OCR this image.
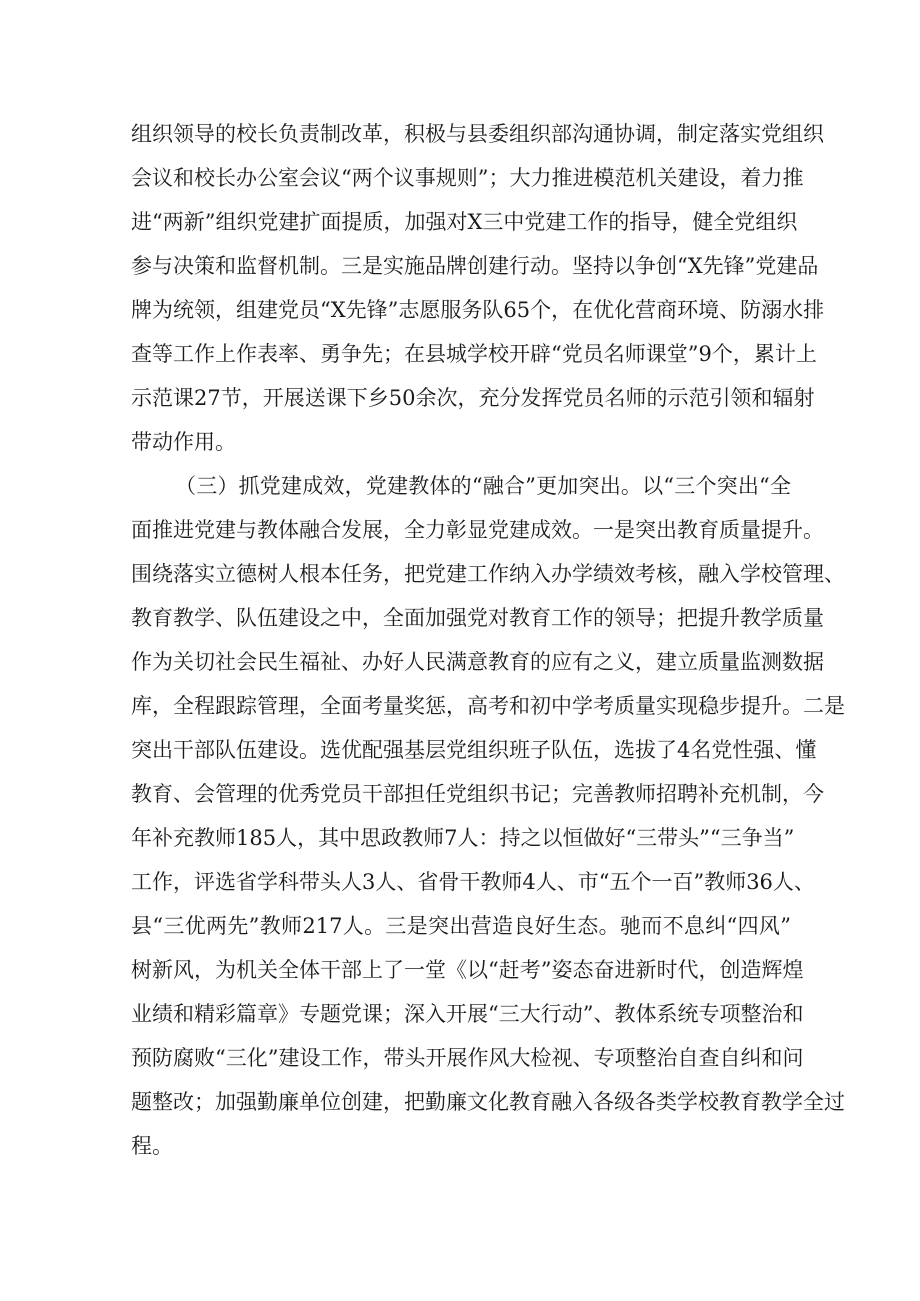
组织领导的校长负责制改革，积极与县委组织部沟通协调，制定落实党组织
会议和校长办公室会议“两个议事规则”；大力推进模范机关建设，着力推
进“两新”组织党建扩面提质，加强对X三中党建工作的指导，健全党组织
参与决策和监督机制。三是实施品牌创建行动。坚持以争创“X先锋”党建品
牌为统领，组建党员“X先锋”志愿服务队65个，在优化营商环境、防溺水排
查等工作上作表率、勇争先；在县城学校开辟“党员名师课堂”9个，累计上
示范课27节，开展送课下乡50余次，充分发挥党员名师的示范引领和辐射
带动作用。
（三）抓党建成效，党建教体的“融合”更加突出。以“三个突出“全
面推进党建与教体融合发展，全力彰显党建成效。一是突出教育质量提升。
围绕落实立德树人根本任务，把党建工作纳入办学绩效考核，融入学校管理、
教育教学、队伍建设之中，全面加强党对教育工作的领导；把提升教学质量
作为关切社会民生福祉、办好人民满意教育的应有之义，建立质量监测数据
库，全程跟踪管理，全面考量奖惩，高考和初中学考质量实现稳步提升。二是
突出干部队伍建设。选优配强基层党组织班子队伍，选拔了4名党性强、懂
教育、会管理的优秀党员干部担任党组织书记；完善教师招聘补充机制，今
年补充教师185人，其中思政教师7人：持之以恒做好“三带头”“三争当”
工作，评选省学科带头人3人、省骨干教师4人、市“五个一百”教师36人、
县“三优两先”教师217人。三是突出营造良好生态。驰而不息纠“四风”
树新风，为机关全体干部上了一堂《以“赶考”姿态奋进新时代，创造辉煌
业绩和精彩篇章》专题党课；深入开展“三大行动”、教体系统专项整治和
预防腐败“三化”建设工作，带头开展作风大检视、专项整治自查自纠和问
题整改；加强勤廉单位创建，把勤廉文化教育融入各级各类学校教育教学全过
程。
